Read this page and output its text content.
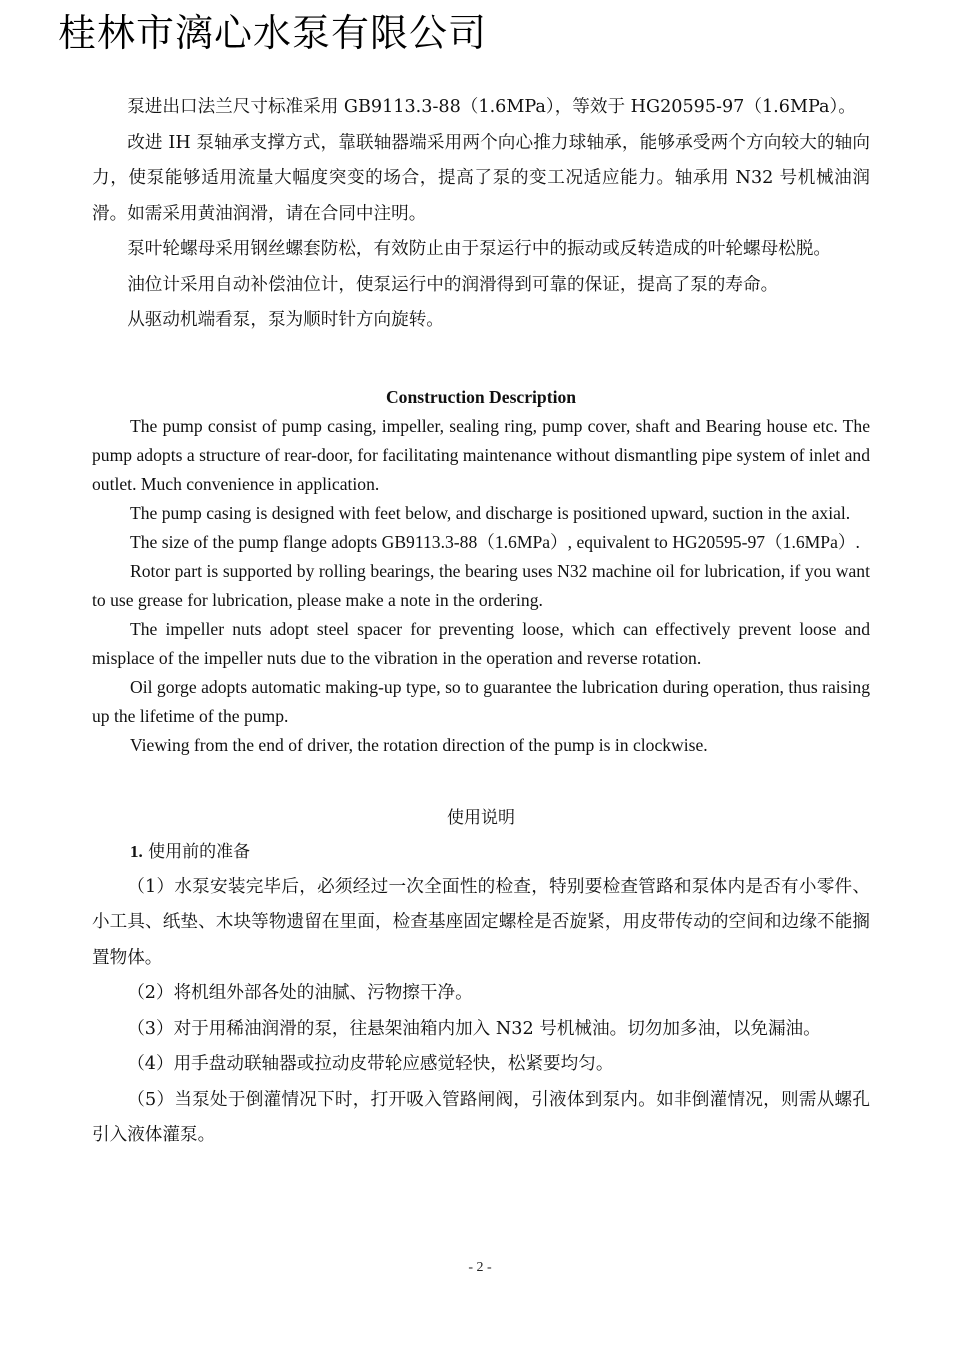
桂林市漓心水泵有限公司

泵进出口法兰尺寸标准采用 GB9113.3-88（1.6MPa），等效于 HG20595-97（1.6MPa）。

改进 IH 泵轴承支撑方式，靠联轴器端采用两个向心推力球轴承，能够承受两个方向较大的轴向力，使泵能够适用流量大幅度突变的场合，提高了泵的变工况适应能力。轴承用 N32 号机械油润滑。如需采用黄油润滑，请在合同中注明。

泵叶轮螺母采用钢丝螺套防松，有效防止由于泵运行中的振动或反转造成的叶轮螺母松脱。

油位计采用自动补偿油位计，使泵运行中的润滑得到可靠的保证，提高了泵的寿命。

从驱动机端看泵，泵为顺时针方向旋转。

Construction Description

The pump consist of pump casing, impeller, sealing ring, pump cover, shaft and Bearing house etc. The pump adopts a structure of rear-door, for facilitating maintenance without dismantling pipe system of inlet and outlet. Much convenience in application.

The pump casing is designed with feet below, and discharge is positioned upward, suction in the axial.

The size of the pump flange adopts GB9113.3-88（1.6MPa）, equivalent to HG20595-97（1.6MPa）.

Rotor part is supported by rolling bearings, the bearing uses N32 machine oil for lubrication, if you want to use grease for lubrication, please make a note in the ordering.

The impeller nuts adopt steel spacer for preventing loose, which can effectively prevent loose and misplace of the impeller nuts due to the vibration in the operation and reverse rotation.

Oil gorge adopts automatic making-up type, so to guarantee the lubrication during operation, thus raising up the lifetime of the pump.

Viewing from the end of driver, the rotation direction of the pump is in clockwise.

使用说明
1. 使用前的准备

（1）水泵安装完毕后，必须经过一次全面性的检查，特别要检查管路和泵体内是否有小零件、小工具、纸垫、木块等物遗留在里面，检查基座固定螺栓是否旋紧，用皮带传动的空间和边缘不能搁置物体。

（2）将机组外部各处的油腻、污物擦干净。

（3）对于用稀油润滑的泵，往悬架油箱内加入 N32 号机械油。切勿加多油，以免漏油。

（4）用手盘动联轴器或拉动皮带轮应感觉轻快，松紧要均匀。

（5）当泵处于倒灌情况下时，打开吸入管路闸阀，引液体到泵内。如非倒灌情况，则需从螺孔引入液体灌泵。

- 2 -
